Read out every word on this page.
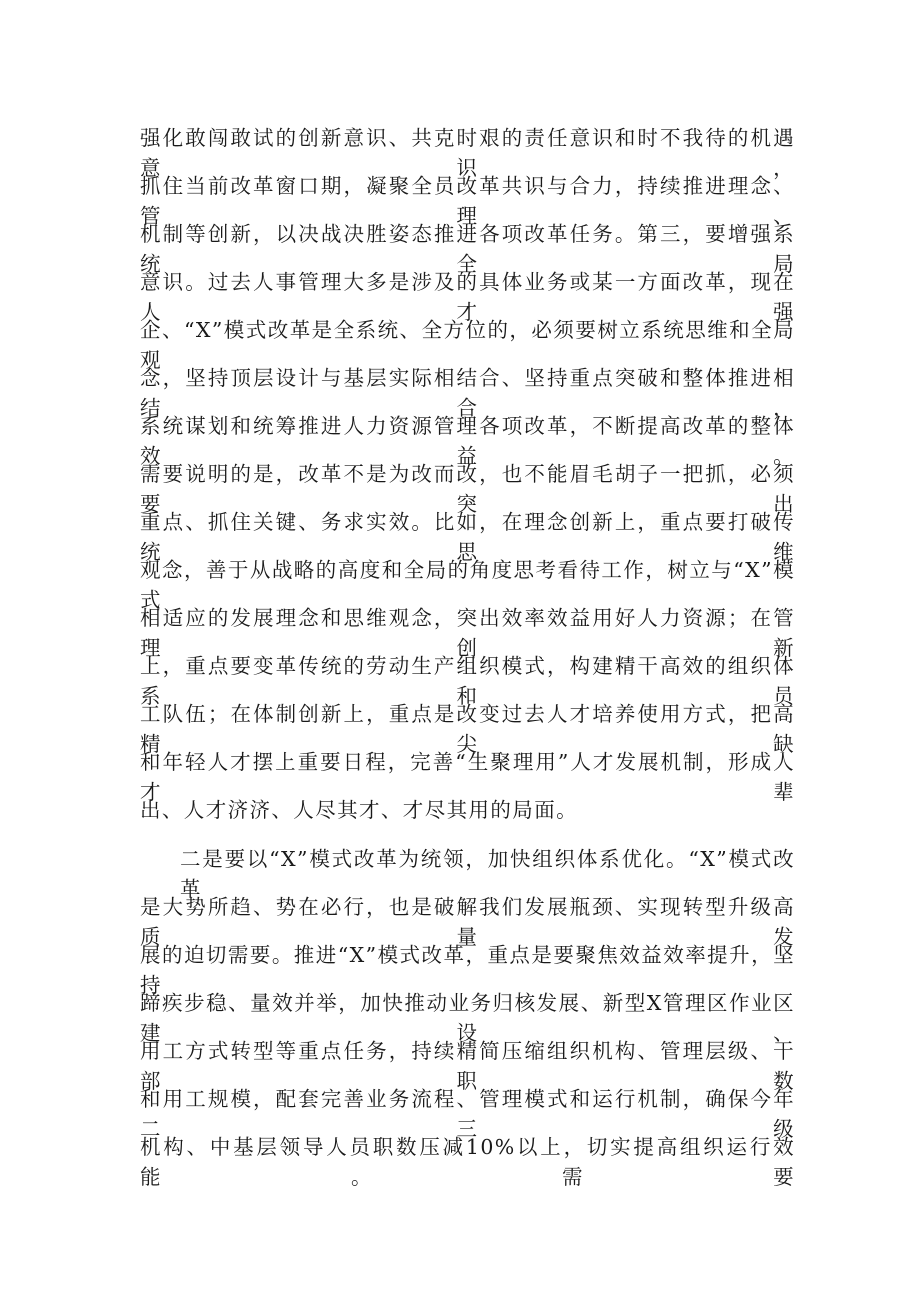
强化敢闯敢试的创新意识、共克时艰的责任意识和时不我待的机遇意识，
抓住当前改革窗口期，凝聚全员改革共识与合力，持续推进理念、管理、
机制等创新，以决战决胜姿态推进各项改革任务。第三，要增强系统全局
意识。过去人事管理大多是涉及的具体业务或某一方面改革，现在人才强
企、“X”模式改革是全系统、全方位的，必须要树立系统思维和全局观
念，坚持顶层设计与基层实际相结合、坚持重点突破和整体推进相结合，
系统谋划和统筹推进人力资源管理各项改革，不断提高改革的整体效益。
需要说明的是，改革不是为改而改，也不能眉毛胡子一把抓，必须要突出
重点、抓住关键、务求实效。比如，在理念创新上，重点要打破传统思维
观念，善于从战略的高度和全局的角度思考看待工作，树立与“X”模式
相适应的发展理念和思维观念，突出效率效益用好人力资源；在管理创新
上，重点要变革传统的劳动生产组织模式，构建精干高效的组织体系和员
工队伍；在体制创新上，重点是改变过去人才培养使用方式，把高精尖缺
和年轻人才摆上重要日程，完善“生聚理用”人才发展机制，形成人才辈
出、人才济济、人尽其才、才尽其用的局面。
二是要以“X”模式改革为统领，加快组织体系优化。“X”模式改革
是大势所趋、势在必行，也是破解我们发展瓶颈、实现转型升级高质量发
展的迫切需要。推进“X”模式改革，重点是要聚焦效益效率提升，坚持
蹄疾步稳、量效并举，加快推动业务归核发展、新型X管理区作业区建设、
用工方式转型等重点任务，持续精简压缩组织机构、管理层级、干部职数
和用工规模，配套完善业务流程、管理模式和运行机制，确保今年二三级
机构、中基层领导人员职数压减10%以上，切实提高组织运行效能。需要
